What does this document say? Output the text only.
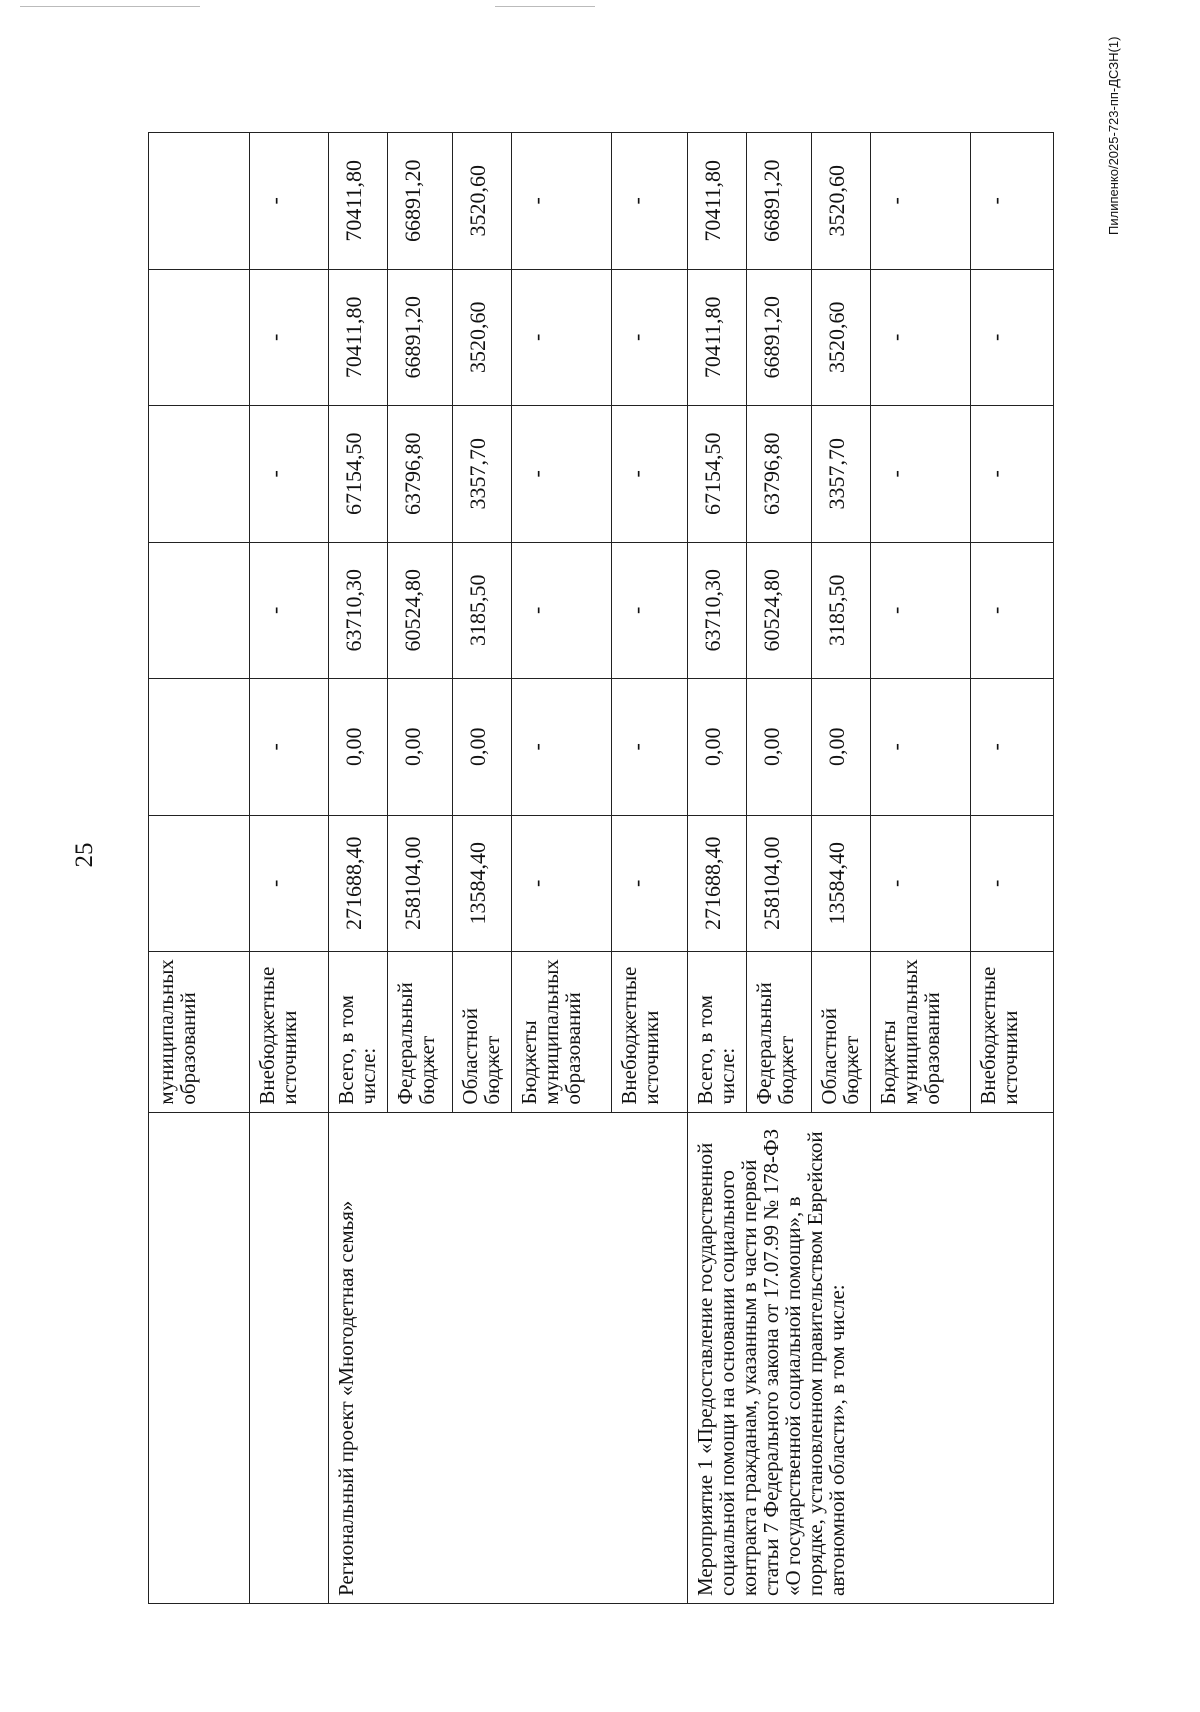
25
Пилипенко/2025-723-пп-ДСЗН(1)
	муниципальных образований						
	Внебюджетные источники	-	-	-	-	-	-
Региональный проект «Многодетная семья»	Всего, в том числе:	271688,40	0,00	63710,30	67154,50	70411,80	70411,80
	Федеральный бюджет	258104,00	0,00	60524,80	63796,80	66891,20	66891,20
	Областной бюджет	13584,40	0,00	3185,50	3357,70	3520,60	3520,60
	Бюджеты муниципальных образований	-	-	-	-	-	-
	Внебюджетные источники	-	-	-	-	-	-
Мероприятие 1 «Предоставление государственной социальной помощи на основании социального контракта гражданам, указанным в части первой статьи 7 Федерального закона от 17.07.99 № 178-ФЗ «О государственной социальной помощи», в порядке, установленном правительством Еврейской автономной области», в том числе:	Всего, в том числе:	271688,40	0,00	63710,30	67154,50	70411,80	70411,80
	Федеральный бюджет	258104,00	0,00	60524,80	63796,80	66891,20	66891,20
	Областной бюджет	13584,40	0,00	3185,50	3357,70	3520,60	3520,60
	Бюджеты муниципальных образований	-	-	-	-	-	-
	Внебюджетные источники	-	-	-	-	-	-
